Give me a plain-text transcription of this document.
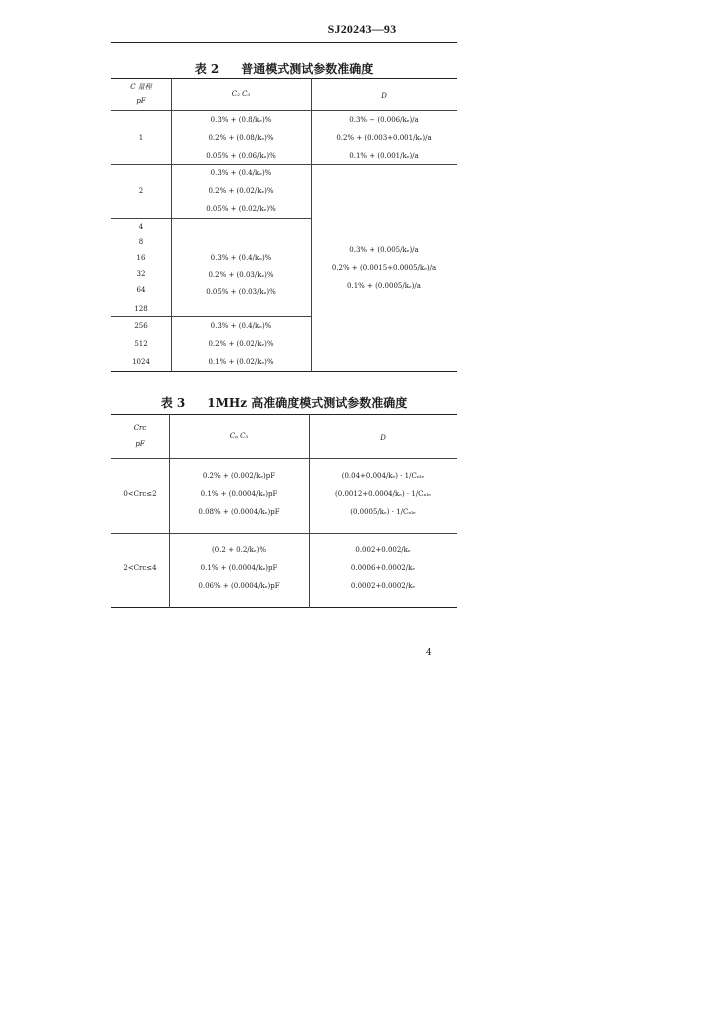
SJ20243—93
表 2 普通模式测试参数准确度
C 量程
pF
C₂ C₃	D
1
0.3% + (0.8/kₑ)%
0.2% + (0.08/kₑ)%
0.05% + (0.06/kₑ)%
0.3% − (0.006/kₑ)/a
0.2% + (0.003+0.001/kₑ)/a
0.1% + (0.001/kₑ)/a
2
0.3% + (0.4/kₑ)%
0.2% + (0.02/kₑ)%
0.05% + (0.02/kₑ)%
4
8
16
32
64
128
0.3% + (0.4/kₑ)%
0.2% + (0.03/kₑ)%
0.05% + (0.03/kₑ)%
0.3% + (0.005/kₑ)/a
0.2% + (0.0015+0.0005/kₑ)/a
0.1% + (0.0005/kₑ)/a
256
512
1024
0.3% + (0.4/kₑ)%
0.2% + (0.02/kₑ)%
0.1% + (0.02/kₑ)%
表 3 1MHz 高准确度模式测试参数准确度
Crc
pF
Cₚ C₅	D
0<Crc≤2
0.2% + (0.002/kₑ)pF
0.1% + (0.0004/kₑ)pF
0.08% + (0.0004/kₑ)pF
(0.04+0.004/kₑ) · 1/Cₙₗₑ
(0.0012+0.0004/kₑ) · 1/Cₙₗₑ
(0.0005/kₑ) · 1/Cₙₗₑ
2<Crc≤4
(0.2 + 0.2/kₑ)%
0.1% + (0.0004/kₑ)pF
0.06% + (0.0004/kₑ)pF
0.002+0.002/kₑ
0.0006+0.0002/kₑ
0.0002+0.0002/kₑ
4
